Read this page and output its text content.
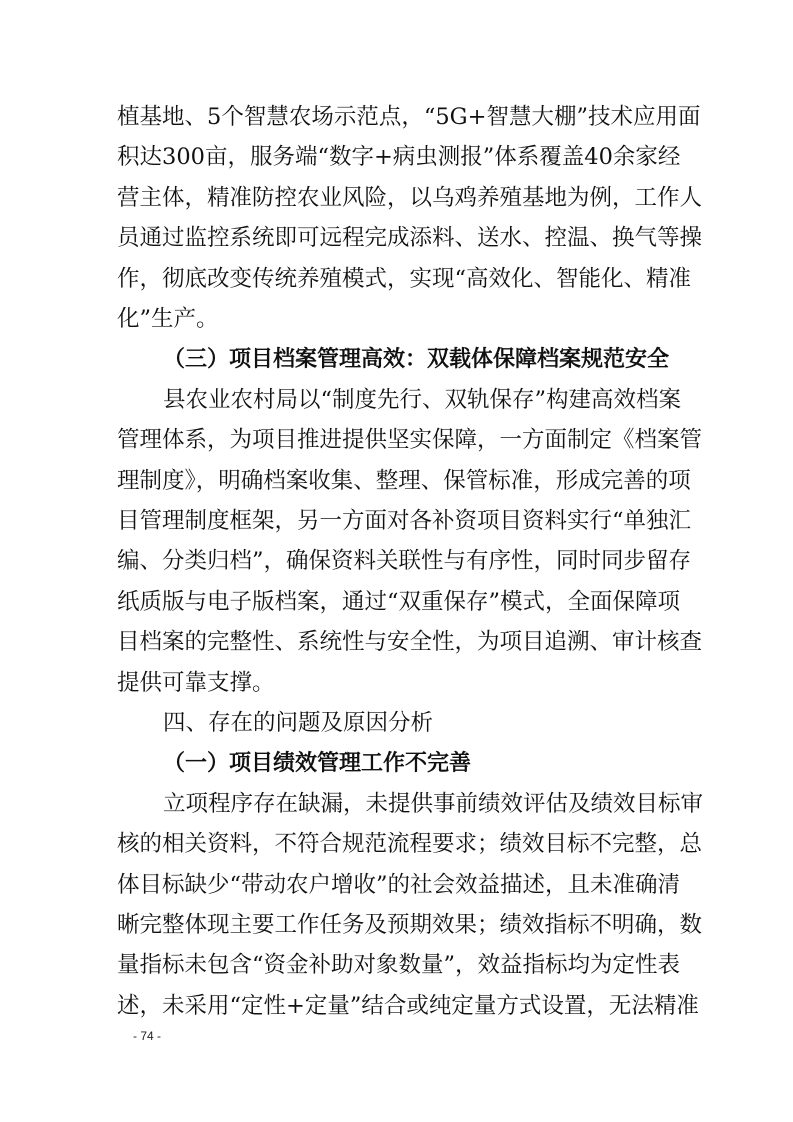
- 74 -
植基地、5个智慧农场示范点，“5G+智慧大棚”技术应用面
积达300亩，服务端“数字+病虫测报”体系覆盖40余家经
营主体，精准防控农业风险，以乌鸡养殖基地为例，工作人
员通过监控系统即可远程完成添料、送水、控温、换气等操
作，彻底改变传统养殖模式，实现“高效化、智能化、精准
化”生产。
（三）项目档案管理高效：双载体保障档案规范安全
县农业农村局以“制度先行、双轨保存”构建高效档案
管理体系，为项目推进提供坚实保障，一方面制定《档案管
理制度》，明确档案收集、整理、保管标准，形成完善的项
目管理制度框架，另一方面对各补资项目资料实行“单独汇
编、分类归档”，确保资料关联性与有序性，同时同步留存
纸质版与电子版档案，通过“双重保存”模式，全面保障项
目档案的完整性、系统性与安全性，为项目追溯、审计核查
提供可靠支撑。
四、存在的问题及原因分析
（一）项目绩效管理工作不完善
立项程序存在缺漏，未提供事前绩效评估及绩效目标审
核的相关资料，不符合规范流程要求；绩效目标不完整，总
体目标缺少“带动农户增收”的社会效益描述，且未准确清
晰完整体现主要工作任务及预期效果；绩效指标不明确，数
量指标未包含“资金补助对象数量”，效益指标均为定性表
述，未采用“定性+定量”结合或纯定量方式设置，无法精准
